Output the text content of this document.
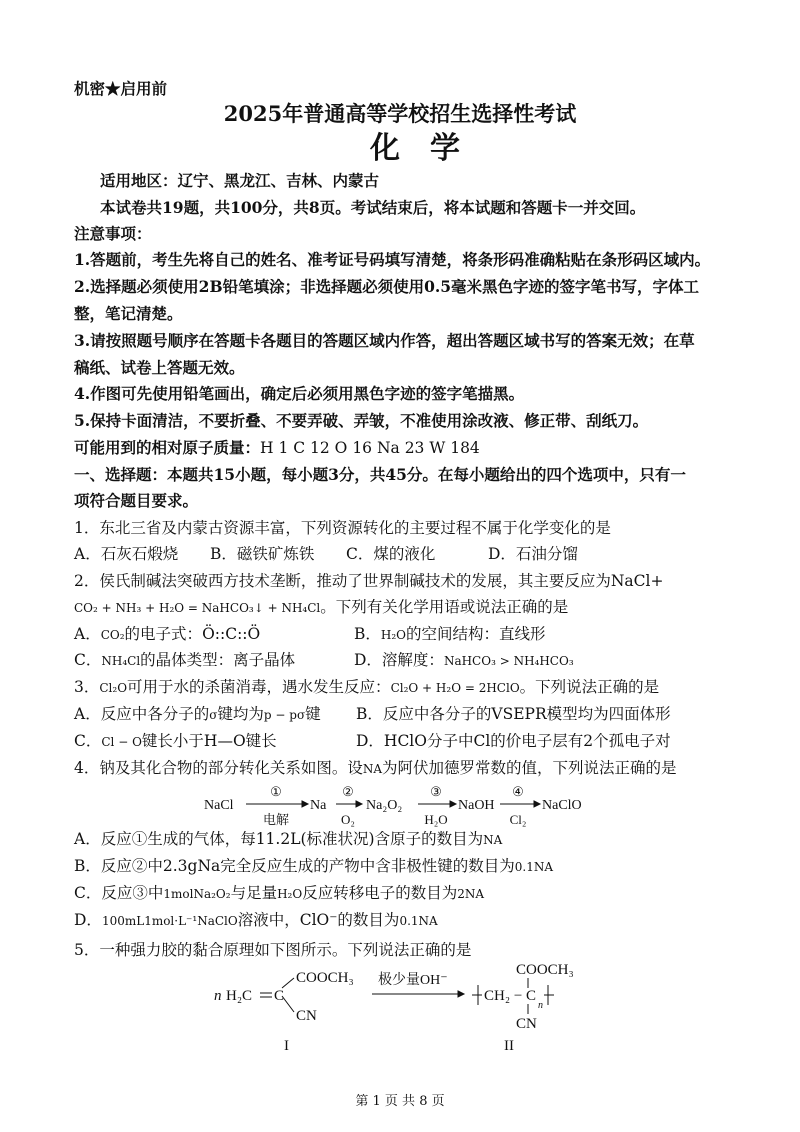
机密★启用前
2025年普通高等学校招生选择性考试
化学
适用地区：辽宁、黑龙江、吉林、内蒙古
本试卷共19题，共100分，共8页。考试结束后，将本试题和答题卡一并交回。
注意事项：
1.答题前，考生先将自己的姓名、准考证号码填写清楚，将条形码准确粘贴在条形码区域内。
2.选择题必须使用2B铅笔填涂；非选择题必须使用0.5毫米黑色字迹的签字笔书写，字体工
整，笔记清楚。
3.请按照题号顺序在答题卡各题目的答题区域内作答，超出答题区域书写的答案无效；在草
稿纸、试卷上答题无效。
4.作图可先使用铅笔画出，确定后必须用黑色字迹的签字笔描黑。
5.保持卡面清洁，不要折叠、不要弄破、弄皱，不准使用涂改液、修正带、刮纸刀。
可能用到的相对原子质量：H 1 C 12 O 16 Na 23 W 184
一、选择题：本题共15小题，每小题3分，共45分。在每小题给出的四个选项中，只有一
项符合题目要求。
1．东北三省及内蒙古资源丰富，下列资源转化的主要过程不属于化学变化的是
A．石灰石煅烧 B．磁铁矿炼铁 C．煤的液化	D．石油分馏
2．侯氏制碱法突破西方技术垄断，推动了世界制碱技术的发展，其主要反应为NaCl+
CO₂ + NH₃ + H₂O = NaHCO₃↓ + NH₄Cl。下列有关化学用语或说法正确的是
A．CO₂的电子式：Ö::C::Ö	B．H₂O的空间结构：直线形
C．NH₄Cl的晶体类型：离子晶体	D．溶解度：NaHCO₃ > NH₄HCO₃
3．Cl₂O可用于水的杀菌消毒，遇水发生反应：Cl₂O + H₂O = 2HClO。下列说法正确的是
A．反应中各分子的σ键均为p − pσ键 B．反应中各分子的VSEPR模型均为四面体形
C．Cl − O键长小于H—O键长	D．HClO分子中Cl的价电子层有2个孤电子对
4．钠及其化合物的部分转化关系如图。设NA为阿伏加德罗常数的值，下列说法正确的是
NaCl	Na	Na₂O₂	NaOH	NaClO
①	②	③	④
电解	O₂	H₂O	Cl₂
A．反应①生成的气体，每11.2L(标准状况)含原子的数目为NA
B．反应②中2.3gNa完全反应生成的产物中含非极性键的数目为0.1NA
C．反应③中1molNa₂O₂与足量H₂O反应转移电子的数目为2NA
D．100mL1mol·L⁻¹NaClO溶液中，ClO⁻的数目为0.1NA
5．一种强力胶的黏合原理如下图所示。下列说法正确的是
n H₂C C
COOCH₃
CN
I
极少量OH⁻
CH₂ − C
n
COOCH₃
CN
II
第 1 页 共 8 页
